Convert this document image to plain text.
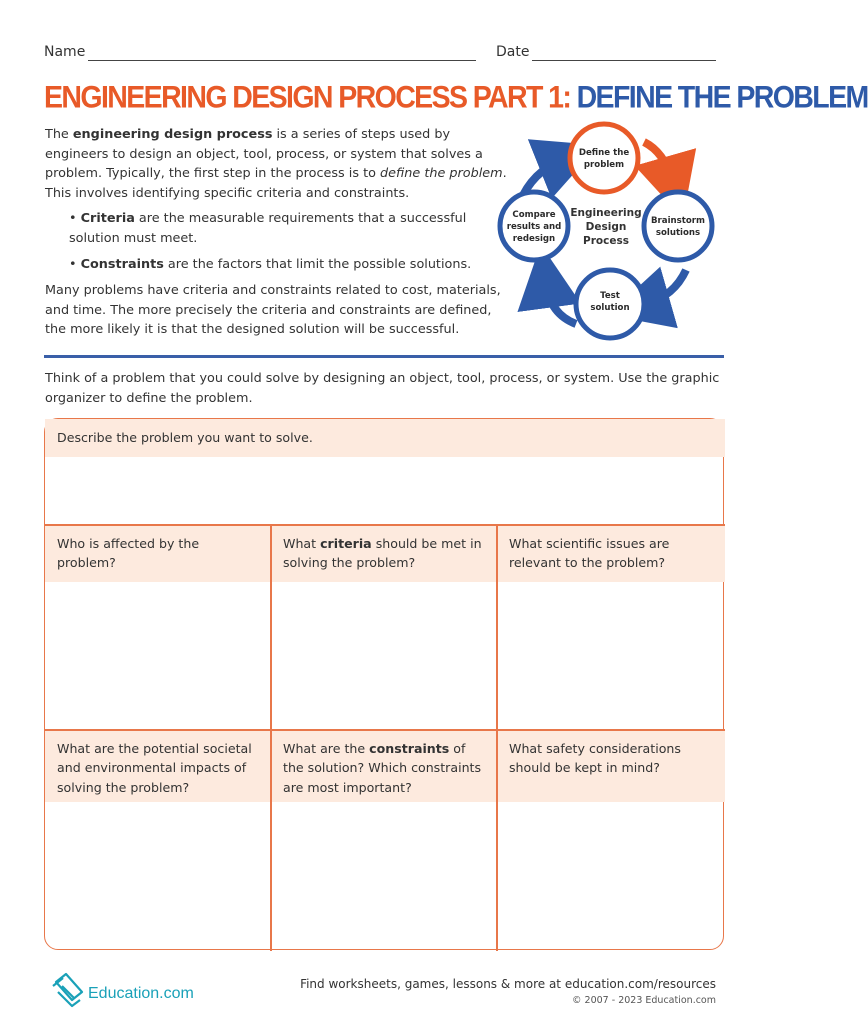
Name	Date
ENGINEERING DESIGN PROCESS PART 1: DEFINE THE PROBLEM

The engineering design process is a series of steps used by engineers to design an object, tool, process, or system that solves a problem. Typically, the first step in the process is to define the problem. This involves identifying specific criteria and constraints.

• Criteria are the measurable requirements that a successful solution must meet.
• Constraints are the factors that limit the possible solutions.

Many problems have criteria and constraints related to cost, materials, and time. The more precisely the criteria and constraints are defined, the more likely it is that the designed solution will be successful.

Engineering
Design
Process
Define the
problem
Brainstorm
solutions
Test
solution
Compare
results and
redesign

Think of a problem that you could solve by designing an object, tool, process, or system. Use the graphic organizer to define the problem.

Describe the problem you want to solve.
Who is affected by the problem?
What criteria should be met in solving the problem?
What scientific issues are relevant to the problem?
What are the potential societal and environmental impacts of solving the problem?
What are the constraints of the solution? Which constraints are most important?
What safety considerations should be kept in mind?
Education.com
Find worksheets, games, lessons & more at education.com/resources
© 2007 - 2023 Education.com
